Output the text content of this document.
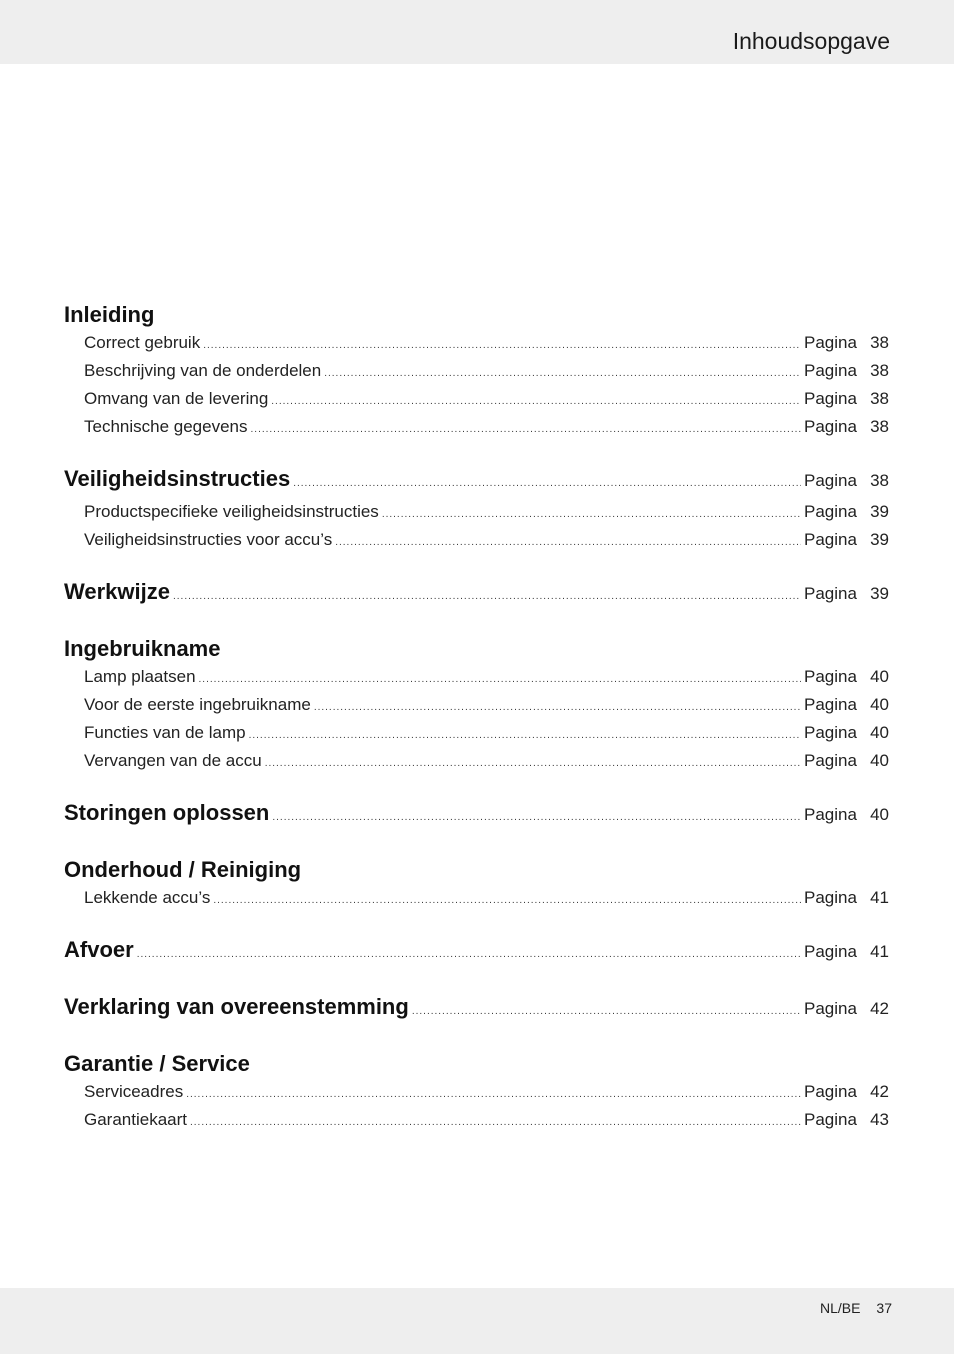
Inhoudsopgave
Inleiding
Correct gebruik .....	Pagina 38
Beschrijving van de onderdelen .....	Pagina 38
Omvang van de levering .....	Pagina 38
Technische gegevens .....	Pagina 38
Veiligheidsinstructies .....	Pagina 38
Productspecifieke veiligheidsinstructies .....	Pagina 39
Veiligheidsinstructies voor accu’s .....	Pagina 39
Werkwijze .....	Pagina 39
Ingebruikname
Lamp plaatsen .....	Pagina 40
Voor de eerste ingebruikname .....	Pagina 40
Functies van de lamp .....	Pagina 40
Vervangen van de accu .....	Pagina 40
Storingen oplossen .....	Pagina 40
Onderhoud / Reiniging
Lekkende accu’s .....	Pagina 41
Afvoer .....	Pagina 41
Verklaring van overeenstemming .....	Pagina 42
Garantie / Service
Serviceadres .....	Pagina 42
Garantiekaart .....	Pagina 43
NL/BE 37
